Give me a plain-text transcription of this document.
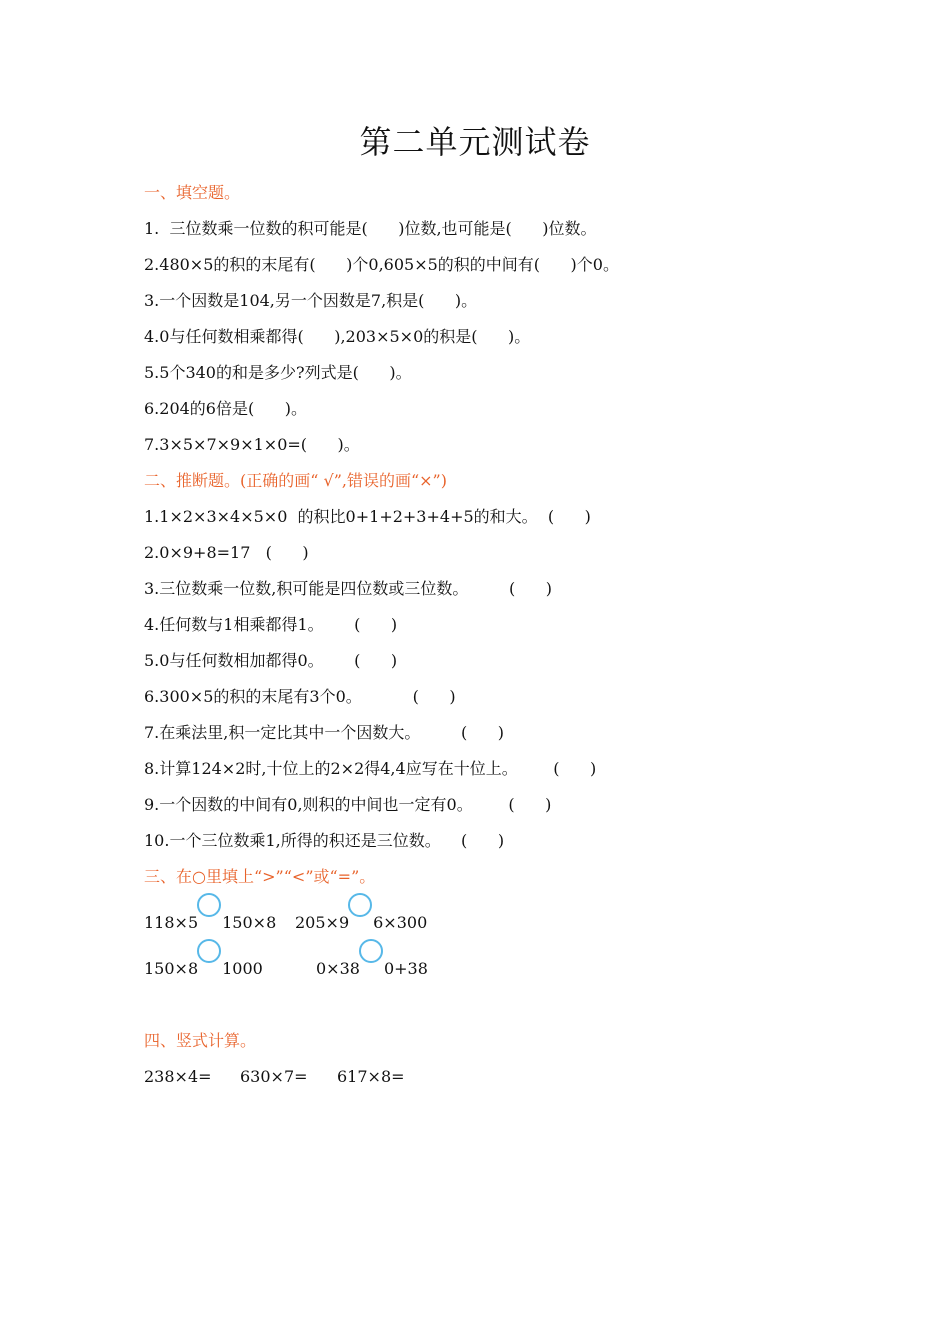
第二单元测试卷
一、填空题。
1.  三位数乘一位数的积可能是(      )位数,也可能是(      )位数。
2.480×5的积的末尾有(      )个0,605×5的积的中间有(      )个0。
3.一个因数是104,另一个因数是7,积是(      )。
4.0与任何数相乘都得(      ),203×5×0的积是(      )。
5.5个340的和是多少?列式是(      )。
6.204的6倍是(      )。
7.3×5×7×9×1×0=(      )。
二、推断题。(正确的画“ √”,错误的画“×”)
1.1×2×3×4×5×0  的积比0+1+2+3+4+5的和大。  (      )
2.0×9+8=17   (      )
3.三位数乘一位数,积可能是四位数或三位数。        (      )
4.任何数与1相乘都得1。      (      )
5.0与任何数相加都得0。      (      )
6.300×5的积的末尾有3个0。          (      )
7.在乘法里,积一定比其中一个因数大。        (      )
8.计算124×2时,十位上的2×2得4,4应写在十位上。       (      )
9.一个因数的中间有0,则积的中间也一定有0。       (      )
10.一个三位数乘1,所得的积还是三位数。    (      )
三、在○里填上“>”“<”或“=”。

118×5 150×8

205×9 6×300

150×8 1000

	0×38 0+38

四、竖式计算。
238×4= 630×7= 617×8=
